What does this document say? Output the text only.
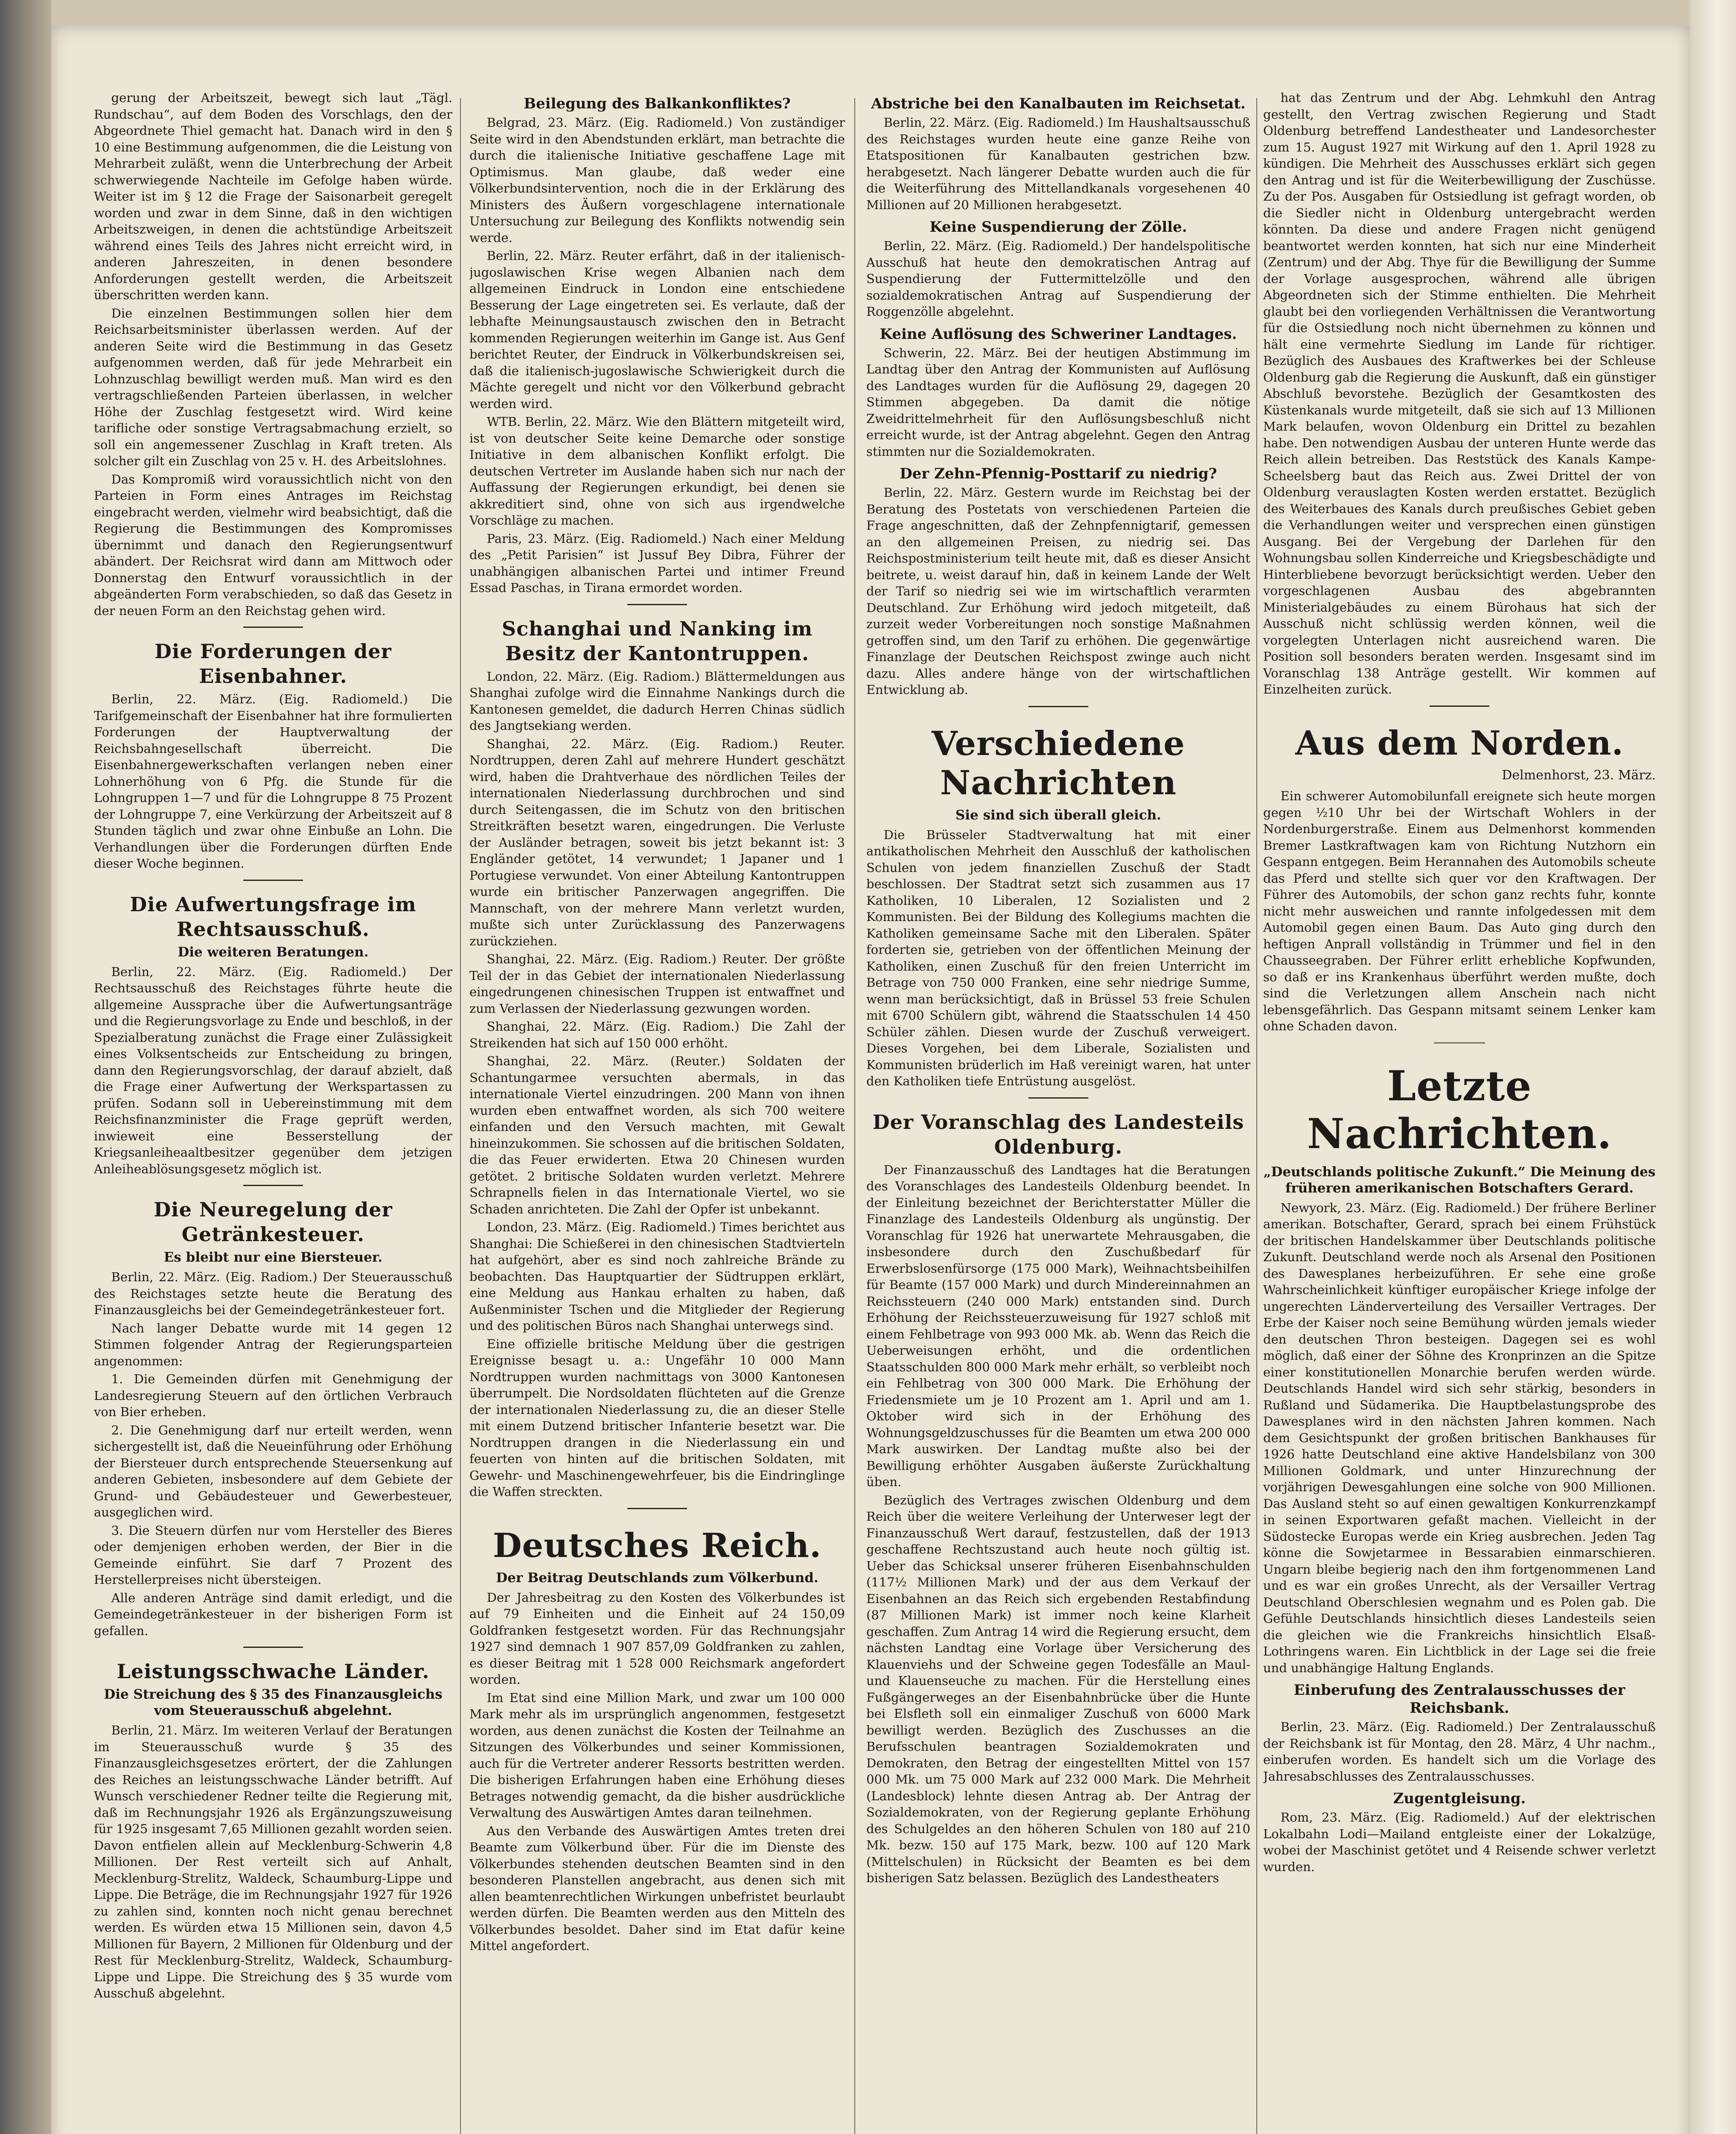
gerung der Arbeitszeit, bewegt sich laut „Tägl. Rundschau“, auf dem Boden des Vorschlags, den der Abgeordnete Thiel gemacht hat. Danach wird in den § 10 eine Bestimmung aufgenommen, die die Leistung von Mehrarbeit zuläßt, wenn die Unterbrechung der Arbeit schwerwiegende Nachteile im Gefolge haben würde. Weiter ist im § 12 die Frage der Saisonarbeit geregelt worden und zwar in dem Sinne, daß in den wichtigen Arbeitszweigen, in denen die achtstündige Arbeitszeit während eines Teils des Jahres nicht erreicht wird, in anderen Jahreszeiten, in denen besondere Anforderungen gestellt werden, die Arbeitszeit überschritten werden kann.

Die einzelnen Bestimmungen sollen hier dem Reichsarbeitsminister überlassen werden. Auf der anderen Seite wird die Bestimmung in das Gesetz aufgenommen werden, daß für jede Mehrarbeit ein Lohnzuschlag bewilligt werden muß. Man wird es den vertragschließenden Parteien überlassen, in welcher Höhe der Zuschlag festgesetzt wird. Wird keine tarifliche oder sonstige Vertragsabmachung erzielt, so soll ein angemessener Zuschlag in Kraft treten. Als solcher gilt ein Zuschlag von 25 v. H. des Arbeitslohnes.

Das Kompromiß wird voraussichtlich nicht von den Parteien in Form eines Antrages im Reichstag eingebracht werden, vielmehr wird beabsichtigt, daß die Regierung die Bestimmungen des Kompromisses übernimmt und danach den Regierungsentwurf abändert. Der Reichsrat wird dann am Mittwoch oder Donnerstag den Entwurf voraussichtlich in der abgeänderten Form verabschieden, so daß das Gesetz in der neuen Form an den Reichstag gehen wird.

Die Forderungen der Eisenbahner.

Berlin, 22. März. (Eig. Radiomeld.) Die Tarifgemeinschaft der Eisenbahner hat ihre formulierten Forderungen der Hauptverwaltung der Reichsbahngesellschaft überreicht. Die Eisenbahnergewerkschaften verlangen neben einer Lohnerhöhung von 6 Pfg. die Stunde für die Lohngruppen 1—7 und für die Lohngruppe 8 75 Prozent der Lohngruppe 7, eine Verkürzung der Arbeitszeit auf 8 Stunden täglich und zwar ohne Einbuße an Lohn. Die Verhandlungen über die Forderungen dürften Ende dieser Woche beginnen.

Die Aufwertungsfrage im Rechtsausschuß.
Die weiteren Beratungen.

Berlin, 22. März. (Eig. Radiomeld.) Der Rechtsausschuß des Reichstages führte heute die allgemeine Aussprache über die Aufwertungsanträge und die Regierungsvorlage zu Ende und beschloß, in der Spezialberatung zunächst die Frage einer Zulässigkeit eines Volksentscheids zur Entscheidung zu bringen, dann den Regierungsvorschlag, der darauf abzielt, daß die Frage einer Aufwertung der Werkspartassen zu prüfen. Sodann soll in Uebereinstimmung mit dem Reichsfinanzminister die Frage geprüft werden, inwieweit eine Besserstellung der Kriegsanleiheaaltbesitzer gegenüber dem jetzigen Anleiheablösungsgesetz möglich ist.

Die Neuregelung der Getränkesteuer.
Es bleibt nur eine Biersteuer.

Berlin, 22. März. (Eig. Radiom.) Der Steuerausschuß des Reichstages setzte heute die Beratung des Finanzausgleichs bei der Gemeindegetränkesteuer fort.

Nach langer Debatte wurde mit 14 gegen 12 Stimmen folgender Antrag der Regierungsparteien angenommen:

1. Die Gemeinden dürfen mit Genehmigung der Landesregierung Steuern auf den örtlichen Verbrauch von Bier erheben.

2. Die Genehmigung darf nur erteilt werden, wenn sichergestellt ist, daß die Neueinführung oder Erhöhung der Biersteuer durch entsprechende Steuersenkung auf anderen Gebieten, insbesondere auf dem Gebiete der Grund- und Gebäudesteuer und Gewerbesteuer, ausgeglichen wird.

3. Die Steuern dürfen nur vom Hersteller des Bieres oder demjenigen erhoben werden, der Bier in die Gemeinde einführt. Sie darf 7 Prozent des Herstellerpreises nicht übersteigen.

Alle anderen Anträge sind damit erledigt, und die Gemeindegetränkesteuer in der bisherigen Form ist gefallen.

Leistungsschwache Länder.
Die Streichung des § 35 des Finanzausgleichs vom Steuerausschuß abgelehnt.

Berlin, 21. März. Im weiteren Verlauf der Beratungen im Steuerausschuß wurde § 35 des Finanzausgleichsgesetzes erörtert, der die Zahlungen des Reiches an leistungsschwache Länder betrifft. Auf Wunsch verschiedener Redner teilte die Regierung mit, daß im Rechnungsjahr 1926 als Ergänzungszuweisung für 1925 insgesamt 7,65 Millionen gezahlt worden seien. Davon entfielen allein auf Mecklenburg-Schwerin 4,8 Millionen. Der Rest verteilt sich auf Anhalt, Mecklenburg-Strelitz, Waldeck, Schaumburg-Lippe und Lippe. Die Beträge, die im Rechnungsjahr 1927 für 1926 zu zahlen sind, konnten noch nicht genau berechnet werden. Es würden etwa 15 Millionen sein, davon 4,5 Millionen für Bayern, 2 Millionen für Oldenburg und der Rest für Mecklenburg-Strelitz, Waldeck, Schaumburg-Lippe und Lippe. Die Streichung des § 35 wurde vom Ausschuß abgelehnt.

Beilegung des Balkankonfliktes?

Belgrad, 23. März. (Eig. Radiomeld.) Von zuständiger Seite wird in den Abendstunden erklärt, man betrachte die durch die italienische Initiative geschaffene Lage mit Optimismus. Man glaube, daß weder eine Völkerbundsintervention, noch die in der Erklärung des Ministers des Äußern vorgeschlagene internationale Untersuchung zur Beilegung des Konflikts notwendig sein werde.

Berlin, 22. März. Reuter erfährt, daß in der italienisch-jugoslawischen Krise wegen Albanien nach dem allgemeinen Eindruck in London eine entschiedene Besserung der Lage eingetreten sei. Es verlaute, daß der lebhafte Meinungsaustausch zwischen den in Betracht kommenden Regierungen weiterhin im Gange ist. Aus Genf berichtet Reuter, der Eindruck in Völkerbundskreisen sei, daß die italienisch-jugoslawische Schwierigkeit durch die Mächte geregelt und nicht vor den Völkerbund gebracht werden wird.

WTB. Berlin, 22. März. Wie den Blättern mitgeteilt wird, ist von deutscher Seite keine Demarche oder sonstige Initiative in dem albanischen Konflikt erfolgt. Die deutschen Vertreter im Auslande haben sich nur nach der Auffassung der Regierungen erkundigt, bei denen sie akkreditiert sind, ohne von sich aus irgendwelche Vorschläge zu machen.

Paris, 23. März. (Eig. Radiomeld.) Nach einer Meldung des „Petit Parisien“ ist Jussuf Bey Dibra, Führer der unabhängigen albanischen Partei und intimer Freund Essad Paschas, in Tirana ermordet worden.

Schanghai und Nanking im Besitz der Kantontruppen.

London, 22. März. (Eig. Radiom.) Blättermeldungen aus Shanghai zufolge wird die Einnahme Nankings durch die Kantonesen gemeldet, die dadurch Herren Chinas südlich des Jangtsekiang werden.

Shanghai, 22. März. (Eig. Radiom.) Reuter. Nordtruppen, deren Zahl auf mehrere Hundert geschätzt wird, haben die Drahtverhaue des nördlichen Teiles der internationalen Niederlassung durchbrochen und sind durch Seitengassen, die im Schutz von den britischen Streitkräften besetzt waren, eingedrungen. Die Verluste der Ausländer betragen, soweit bis jetzt bekannt ist: 3 Engländer getötet, 14 verwundet; 1 Japaner und 1 Portugiese verwundet. Von einer Abteilung Kantontruppen wurde ein britischer Panzerwagen angegriffen. Die Mannschaft, von der mehrere Mann verletzt wurden, mußte sich unter Zurücklassung des Panzerwagens zurückziehen.

Shanghai, 22. März. (Eig. Radiom.) Reuter. Der größte Teil der in das Gebiet der internationalen Niederlassung eingedrungenen chinesischen Truppen ist entwaffnet und zum Verlassen der Niederlassung gezwungen worden.

Shanghai, 22. März. (Eig. Radiom.) Die Zahl der Streikenden hat sich auf 150 000 erhöht.

Shanghai, 22. März. (Reuter.) Soldaten der Schantungarmee versuchten abermals, in das internationale Viertel einzudringen. 200 Mann von ihnen wurden eben entwaffnet worden, als sich 700 weitere einfanden und den Versuch machten, mit Gewalt hineinzukommen. Sie schossen auf die britischen Soldaten, die das Feuer erwiderten. Etwa 20 Chinesen wurden getötet. 2 britische Soldaten wurden verletzt. Mehrere Schrapnells fielen in das Internationale Viertel, wo sie Schaden anrichteten. Die Zahl der Opfer ist unbekannt.

London, 23. März. (Eig. Radiomeld.) Times berichtet aus Shanghai: Die Schießerei in den chinesischen Stadtvierteln hat aufgehört, aber es sind noch zahlreiche Brände zu beobachten. Das Hauptquartier der Südtruppen erklärt, eine Meldung aus Hankau erhalten zu haben, daß Außenminister Tschen und die Mitglieder der Regierung und des politischen Büros nach Shanghai unterwegs sind.

Eine offizielle britische Meldung über die gestrigen Ereignisse besagt u. a.: Ungefähr 10 000 Mann Nordtruppen wurden nachmittags von 3000 Kantonesen überrumpelt. Die Nordsoldaten flüchteten auf die Grenze der internationalen Niederlassung zu, die an dieser Stelle mit einem Dutzend britischer Infanterie besetzt war. Die Nordtruppen drangen in die Niederlassung ein und feuerten von hinten auf die britischen Soldaten, mit Gewehr- und Maschinengewehrfeuer, bis die Eindringlinge die Waffen streckten.

Deutsches Reich.
Der Beitrag Deutschlands zum Völkerbund.

Der Jahresbeitrag zu den Kosten des Völkerbundes ist auf 79 Einheiten und die Einheit auf 24 150,09 Goldfranken festgesetzt worden. Für das Rechnungsjahr 1927 sind demnach 1 907 857,09 Goldfranken zu zahlen, es dieser Beitrag mit 1 528 000 Reichsmark angefordert worden.

Im Etat sind eine Million Mark, und zwar um 100 000 Mark mehr als im ursprünglich angenommen, festgesetzt worden, aus denen zunächst die Kosten der Teilnahme an Sitzungen des Völkerbundes und seiner Kommissionen, auch für die Vertreter anderer Ressorts bestritten werden. Die bisherigen Erfahrungen haben eine Erhöhung dieses Betrages notwendig gemacht, da die bisher ausdrückliche Verwaltung des Auswärtigen Amtes daran teilnehmen.

Aus den Verbande des Auswärtigen Amtes treten drei Beamte zum Völkerbund über. Für die im Dienste des Völkerbundes stehenden deutschen Beamten sind in den besonderen Planstellen angebracht, aus denen sich mit allen beamtenrechtlichen Wirkungen unbefristet beurlaubt werden dürfen. Die Beamten werden aus den Mitteln des Völkerbundes besoldet. Daher sind im Etat dafür keine Mittel angefordert.

Abstriche bei den Kanalbauten im Reichsetat.

Berlin, 22. März. (Eig. Radiomeld.) Im Haushaltsausschuß des Reichstages wurden heute eine ganze Reihe von Etatspositionen für Kanalbauten gestrichen bzw. herabgesetzt. Nach längerer Debatte wurden auch die für die Weiterführung des Mittellandkanals vorgesehenen 40 Millionen auf 20 Millionen herabgesetzt.

Keine Suspendierung der Zölle.

Berlin, 22. März. (Eig. Radiomeld.) Der handelspolitische Ausschuß hat heute den demokratischen Antrag auf Suspendierung der Futtermittelzölle und den sozialdemokratischen Antrag auf Suspendierung der Roggenzölle abgelehnt.

Keine Auflösung des Schweriner Landtages.

Schwerin, 22. März. Bei der heutigen Abstimmung im Landtag über den Antrag der Kommunisten auf Auflösung des Landtages wurden für die Auflösung 29, dagegen 20 Stimmen abgegeben. Da damit die nötige Zweidrittelmehrheit für den Auflösungsbeschluß nicht erreicht wurde, ist der Antrag abgelehnt. Gegen den Antrag stimmten nur die Sozialdemokraten.

Der Zehn-Pfennig-Posttarif zu niedrig?

Berlin, 22. März. Gestern wurde im Reichstag bei der Beratung des Postetats von verschiedenen Parteien die Frage angeschnitten, daß der Zehnpfennigtarif, gemessen an den allgemeinen Preisen, zu niedrig sei. Das Reichspostministerium teilt heute mit, daß es dieser Ansicht beitrete, u. weist darauf hin, daß in keinem Lande der Welt der Tarif so niedrig sei wie im wirtschaftlich verarmten Deutschland. Zur Erhöhung wird jedoch mitgeteilt, daß zurzeit weder Vorbereitungen noch sonstige Maßnahmen getroffen sind, um den Tarif zu erhöhen. Die gegenwärtige Finanzlage der Deutschen Reichspost zwinge auch nicht dazu. Alles andere hänge von der wirtschaftlichen Entwicklung ab.

Verschiedene Nachrichten
Sie sind sich überall gleich.

Die Brüsseler Stadtverwaltung hat mit einer antikatholischen Mehrheit den Ausschluß der katholischen Schulen von jedem finanziellen Zuschuß der Stadt beschlossen. Der Stadtrat setzt sich zusammen aus 17 Katholiken, 10 Liberalen, 12 Sozialisten und 2 Kommunisten. Bei der Bildung des Kollegiums machten die Katholiken gemeinsame Sache mit den Liberalen. Später forderten sie, getrieben von der öffentlichen Meinung der Katholiken, einen Zuschuß für den freien Unterricht im Betrage von 750 000 Franken, eine sehr niedrige Summe, wenn man berücksichtigt, daß in Brüssel 53 freie Schulen mit 6700 Schülern gibt, während die Staatsschulen 14 450 Schüler zählen. Diesen wurde der Zuschuß verweigert. Dieses Vorgehen, bei dem Liberale, Sozialisten und Kommunisten brüderlich im Haß vereinigt waren, hat unter den Katholiken tiefe Entrüstung ausgelöst.

Der Voranschlag des Landesteils Oldenburg.

Der Finanzausschuß des Landtages hat die Beratungen des Voranschlages des Landesteils Oldenburg beendet. In der Einleitung bezeichnet der Berichterstatter Müller die Finanzlage des Landesteils Oldenburg als ungünstig. Der Voranschlag für 1926 hat unerwartete Mehrausgaben, die insbesondere durch den Zuschußbedarf für Erwerbslosenfürsorge (175 000 Mark), Weihnachtsbeihilfen für Beamte (157 000 Mark) und durch Mindereinnahmen an Reichssteuern (240 000 Mark) entstanden sind. Durch Erhöhung der Reichssteuerzuweisung für 1927 schloß mit einem Fehlbetrage von 993 000 Mk. ab. Wenn das Reich die Ueberweisungen erhöht, und die ordentlichen Staatsschulden 800 000 Mark mehr erhält, so verbleibt noch ein Fehlbetrag von 300 000 Mark. Die Erhöhung der Friedensmiete um je 10 Prozent am 1. April und am 1. Oktober wird sich in der Erhöhung des Wohnungsgeldzuschusses für die Beamten um etwa 200 000 Mark auswirken. Der Landtag mußte also bei der Bewilligung erhöhter Ausgaben äußerste Zurückhaltung üben.

Bezüglich des Vertrages zwischen Oldenburg und dem Reich über die weitere Verleihung der Unterweser legt der Finanzausschuß Wert darauf, festzustellen, daß der 1913 geschaffene Rechtszustand auch heute noch gültig ist. Ueber das Schicksal unserer früheren Eisenbahnschulden (117½ Millionen Mark) und der aus dem Verkauf der Eisenbahnen an das Reich sich ergebenden Restabfindung (87 Millionen Mark) ist immer noch keine Klarheit geschaffen. Zum Antrag 14 wird die Regierung ersucht, dem nächsten Landtag eine Vorlage über Versicherung des Klauenviehs und der Schweine gegen Todesfälle an Maul- und Klauenseuche zu machen. Für die Herstellung eines Fußgängerweges an der Eisenbahnbrücke über die Hunte bei Elsfleth soll ein einmaliger Zuschuß von 6000 Mark bewilligt werden. Bezüglich des Zuschusses an die Berufsschulen beantragen Sozialdemokraten und Demokraten, den Betrag der eingestellten Mittel von 157 000 Mk. um 75 000 Mark auf 232 000 Mark. Die Mehrheit (Landesblock) lehnte diesen Antrag ab. Der Antrag der Sozialdemokraten, von der Regierung geplante Erhöhung des Schulgeldes an den höheren Schulen von 180 auf 210 Mk. bezw. 150 auf 175 Mark, bezw. 100 auf 120 Mark (Mittelschulen) in Rücksicht der Beamten es bei dem bisherigen Satz belassen. Bezüglich des Landestheaters

hat das Zentrum und der Abg. Lehmkuhl den Antrag gestellt, den Vertrag zwischen Regierung und Stadt Oldenburg betreffend Landestheater und Landesorchester zum 15. August 1927 mit Wirkung auf den 1. April 1928 zu kündigen. Die Mehrheit des Ausschusses erklärt sich gegen den Antrag und ist für die Weiterbewilligung der Zuschüsse. Zu der Pos. Ausgaben für Ostsiedlung ist gefragt worden, ob die Siedler nicht in Oldenburg untergebracht werden könnten. Da diese und andere Fragen nicht genügend beantwortet werden konnten, hat sich nur eine Minderheit (Zentrum) und der Abg. Thye für die Bewilligung der Summe der Vorlage ausgesprochen, während alle übrigen Abgeordneten sich der Stimme enthielten. Die Mehrheit glaubt bei den vorliegenden Verhältnissen die Verantwortung für die Ostsiedlung noch nicht übernehmen zu können und hält eine vermehrte Siedlung im Lande für richtiger. Bezüglich des Ausbaues des Kraftwerkes bei der Schleuse Oldenburg gab die Regierung die Auskunft, daß ein günstiger Abschluß bevorstehe. Bezüglich der Gesamtkosten des Küstenkanals wurde mitgeteilt, daß sie sich auf 13 Millionen Mark belaufen, wovon Oldenburg ein Drittel zu bezahlen habe. Den notwendigen Ausbau der unteren Hunte werde das Reich allein betreiben. Das Reststück des Kanals Kampe-Scheelsberg baut das Reich aus. Zwei Drittel der von Oldenburg verauslagten Kosten werden erstattet. Bezüglich des Weiterbaues des Kanals durch preußisches Gebiet geben die Verhandlungen weiter und versprechen einen günstigen Ausgang. Bei der Vergebung der Darlehen für den Wohnungsbau sollen Kinderreiche und Kriegsbeschädigte und Hinterbliebene bevorzugt berücksichtigt werden. Ueber den vorgeschlagenen Ausbau des abgebrannten Ministerialgebäudes zu einem Bürohaus hat sich der Ausschuß nicht schlüssig werden können, weil die vorgelegten Unterlagen nicht ausreichend waren. Die Position soll besonders beraten werden. Insgesamt sind im Voranschlag 138 Anträge gestellt. Wir kommen auf Einzelheiten zurück.

Aus dem Norden.
Delmenhorst, 23. März.

Ein schwerer Automobilunfall ereignete sich heute morgen gegen ½10 Uhr bei der Wirtschaft Wohlers in der Nordenburgerstraße. Einem aus Delmenhorst kommenden Bremer Lastkraftwagen kam von Richtung Nutzhorn ein Gespann entgegen. Beim Herannahen des Automobils scheute das Pferd und stellte sich quer vor den Kraftwagen. Der Führer des Automobils, der schon ganz rechts fuhr, konnte nicht mehr ausweichen und rannte infolgedessen mit dem Automobil gegen einen Baum. Das Auto ging durch den heftigen Anprall vollständig in Trümmer und fiel in den Chausseegraben. Der Führer erlitt erhebliche Kopfwunden, so daß er ins Krankenhaus überführt werden mußte, doch sind die Verletzungen allem Anschein nach nicht lebensgefährlich. Das Gespann mitsamt seinem Lenker kam ohne Schaden davon.

Letzte Nachrichten.
„Deutschlands politische Zukunft.“ Die Meinung des früheren amerikanischen Botschafters Gerard.

Newyork, 23. März. (Eig. Radiomeld.) Der frühere Berliner amerikan. Botschafter, Gerard, sprach bei einem Frühstück der britischen Handelskammer über Deutschlands politische Zukunft. Deutschland werde noch als Arsenal den Positionen des Dawesplanes herbeizuführen. Er sehe eine große Wahrscheinlichkeit künftiger europäischer Kriege infolge der ungerechten Länderverteilung des Versailler Vertrages. Der Erbe der Kaiser noch seine Bemühung würden jemals wieder den deutschen Thron besteigen. Dagegen sei es wohl möglich, daß einer der Söhne des Kronprinzen an die Spitze einer konstitutionellen Monarchie berufen werden würde. Deutschlands Handel wird sich sehr stärkig, besonders in Rußland und Südamerika. Die Hauptbelastungsprobe des Dawesplanes wird in den nächsten Jahren kommen. Nach dem Gesichtspunkt der großen britischen Bankhauses für 1926 hatte Deutschland eine aktive Handelsbilanz von 300 Millionen Goldmark, und unter Hinzurechnung der vorjährigen Dewesgahlungen eine solche von 900 Millionen. Das Ausland steht so auf einen gewaltigen Konkurrenzkampf in seinen Exportwaren gefaßt machen. Vielleicht in der Südostecke Europas werde ein Krieg ausbrechen. Jeden Tag könne die Sowjetarmee in Bessarabien einmarschieren. Ungarn bleibe begierig nach den ihm fortgenommenen Land und es war ein großes Unrecht, als der Versailler Vertrag Deutschland Oberschlesien wegnahm und es Polen gab. Die Gefühle Deutschlands hinsichtlich dieses Landesteils seien die gleichen wie die Frankreichs hinsichtlich Elsaß-Lothringens waren. Ein Lichtblick in der Lage sei die freie und unabhängige Haltung Englands.

Einberufung des Zentralausschusses der Reichsbank.

Berlin, 23. März. (Eig. Radiomeld.) Der Zentralausschuß der Reichsbank ist für Montag, den 28. März, 4 Uhr nachm., einberufen worden. Es handelt sich um die Vorlage des Jahresabschlusses des Zentralausschusses.

Zugentgleisung.

Rom, 23. März. (Eig. Radiomeld.) Auf der elektrischen Lokalbahn Lodi—Mailand entgleiste einer der Lokalzüge, wobei der Maschinist getötet und 4 Reisende schwer verletzt wurden.
